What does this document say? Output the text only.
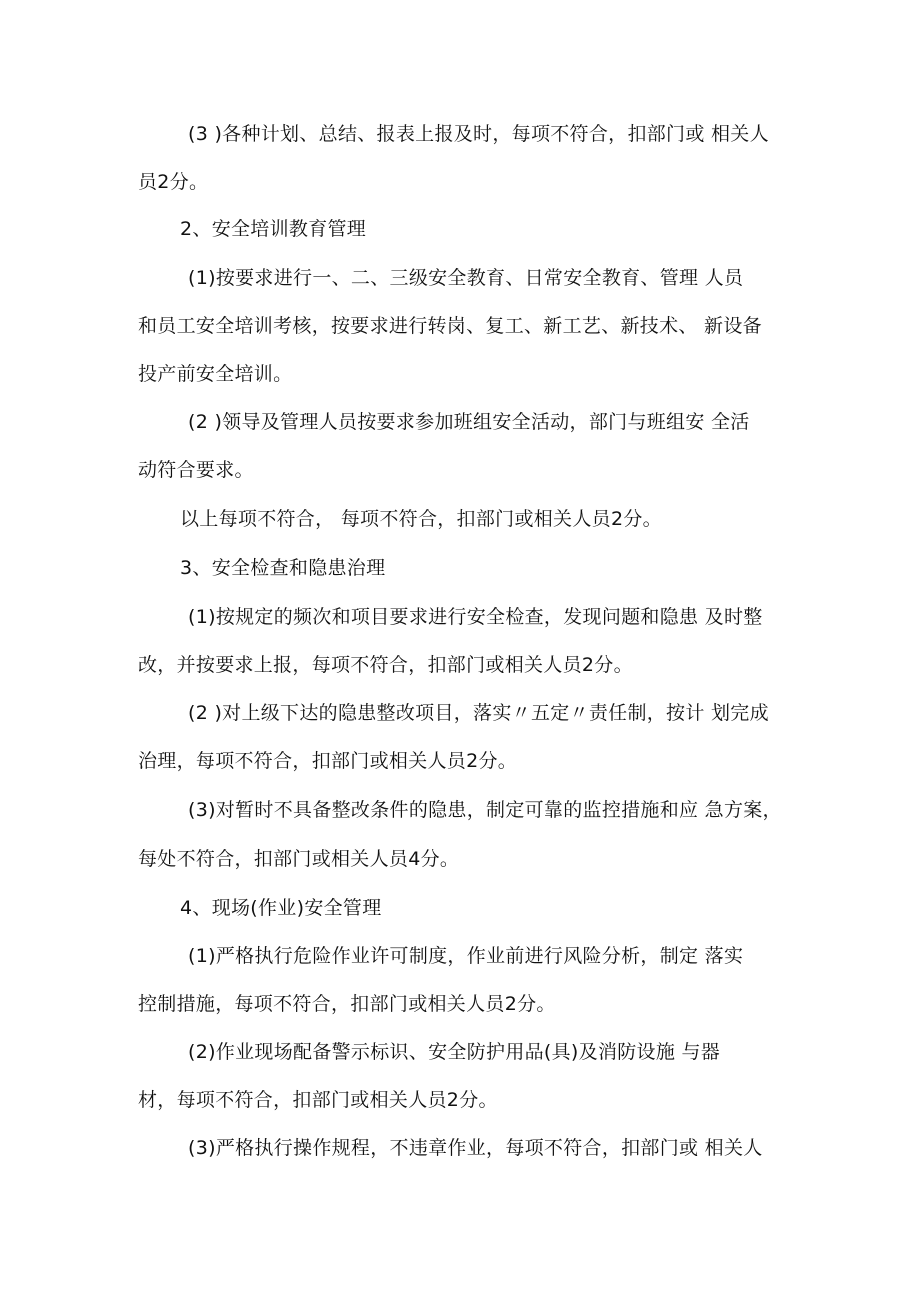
(3 )各种计划、总结、报表上报及时，每项不符合，扣部门或 相关人
员2分。
2、安全培训教育管理
(1)按要求进行一、二、三级安全教育、日常安全教育、管理 人员
和员工安全培训考核，按要求进行转岗、复工、新工艺、新技术、 新设备
投产前安全培训。
(2 )领导及管理人员按要求参加班组安全活动，部门与班组安 全活
动符合要求。
以上每项不符合， 每项不符合，扣部门或相关人员2分。
3、安全检查和隐患治理
(1)按规定的频次和项目要求进行安全检查，发现问题和隐患 及时整
改，并按要求上报，每项不符合，扣部门或相关人员2分。
(2 )对上级下达的隐患整改项目，落实〃五定〃责任制，按计 划完成
治理，每项不符合，扣部门或相关人员2分。
(3)对暂时不具备整改条件的隐患，制定可靠的监控措施和应 急方案，
每处不符合，扣部门或相关人员4分。
4、现场(作业)安全管理
(1)严格执行危险作业许可制度，作业前进行风险分析，制定 落实
控制措施，每项不符合，扣部门或相关人员2分。
(2)作业现场配备警示标识、安全防护用品(具)及消防设施 与器
材，每项不符合，扣部门或相关人员2分。
(3)严格执行操作规程，不违章作业，每项不符合，扣部门或 相关人
